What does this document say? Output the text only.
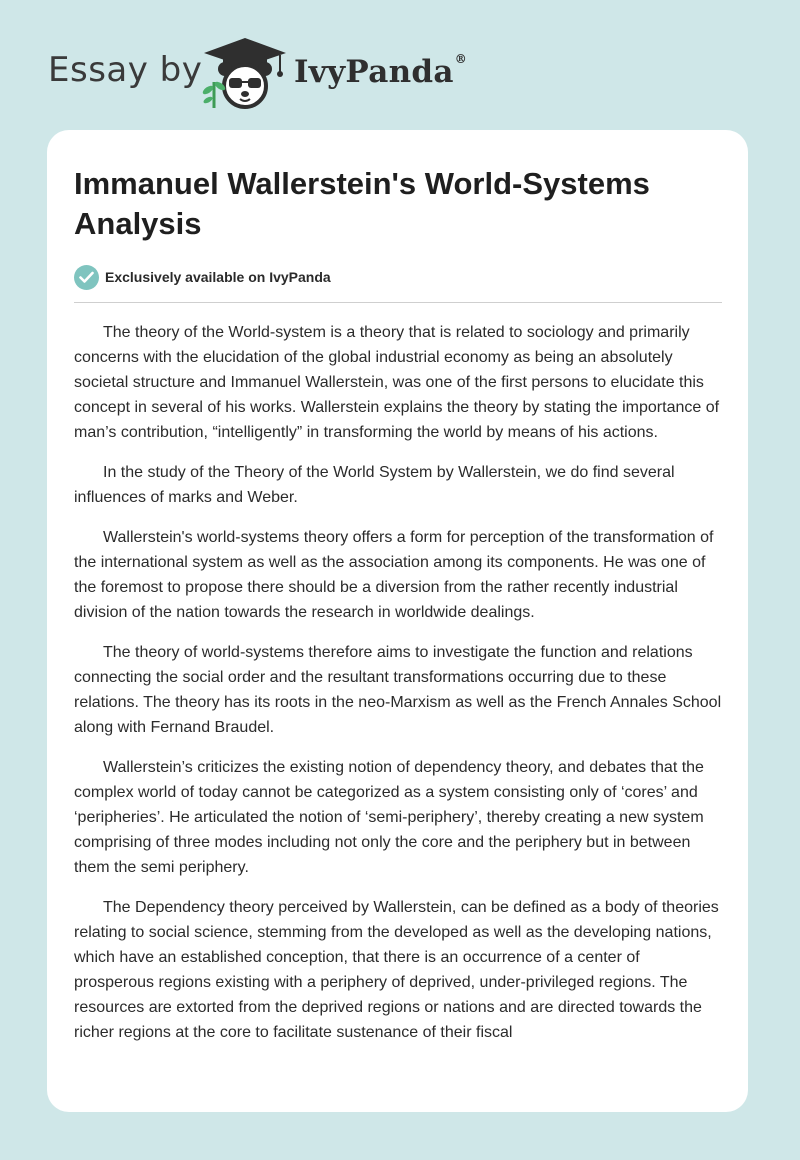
Essay by	IvyPanda®
Immanuel Wallerstein's World-Systems Analysis
Exclusively available on IvyPanda

The theory of the World-system is a theory that is related to sociology and primarily concerns with the elucidation of the global industrial economy as being an absolutely societal structure and Immanuel Wallerstein, was one of the first persons to elucidate this concept in several of his works. Wallerstein explains the theory by stating the importance of man’s contribution, “intelligently” in transforming the world by means of his actions.

In the study of the Theory of the World System by Wallerstein, we do find several influences of marks and Weber.

Wallerstein's world-systems theory offers a form for perception of the transformation of the international system as well as the association among its components. He was one of the foremost to propose there should be a diversion from the rather recently industrial division of the nation towards the research in worldwide dealings.

The theory of world-systems therefore aims to investigate the function and relations connecting the social order and the resultant transformations occurring due to these relations. The theory has its roots in the neo-Marxism as well as the French Annales School along with Fernand Braudel.

Wallerstein’s criticizes the existing notion of dependency theory, and debates that the complex world of today cannot be categorized as a system consisting only of ‘cores’ and ‘peripheries’. He articulated the notion of ‘semi-periphery’, thereby creating a new system comprising of three modes including not only the core and the periphery but in between them the semi periphery.

The Dependency theory perceived by Wallerstein, can be defined as a body of theories relating to social science, stemming from the developed as well as the developing nations, which have an established conception, that there is an occurrence of a center of prosperous regions existing with a periphery of deprived, under-privileged regions. The resources are extorted from the deprived regions or nations and are directed towards the richer regions at the core to facilitate sustenance of their fiscal
